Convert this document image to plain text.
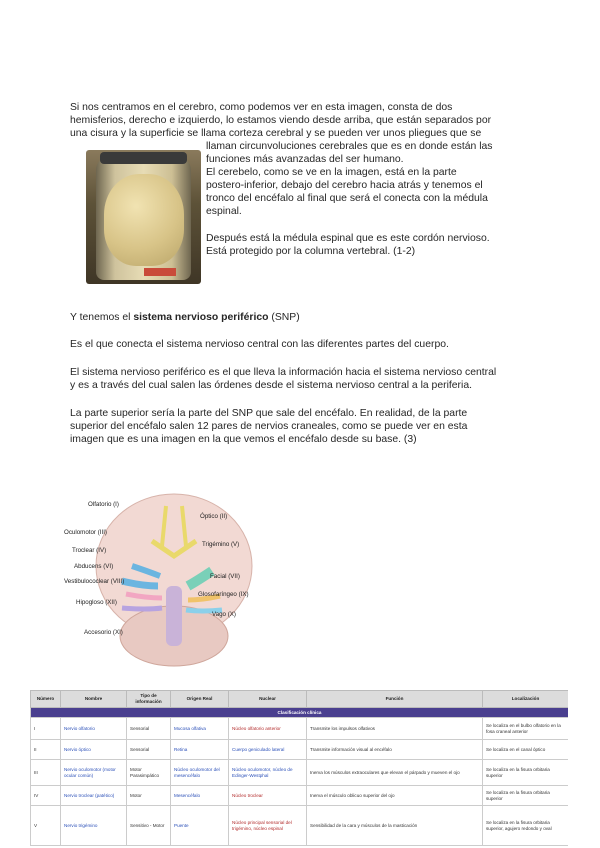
Si nos centramos en el cerebro, como podemos ver en esta imagen, consta de dos
hemisferios, derecho e izquierdo, lo estamos viendo desde arriba, que están separados por
una cisura y la superficie se llama corteza cerebral y se pueden ver unos pliegues que se
llaman circunvoluciones cerebrales que es en donde están las
funciones más avanzadas del ser humano.
El cerebelo, como se ve en la imagen, está en la parte
postero-inferior, debajo del cerebro hacia atrás y tenemos el
tronco del encéfalo al final que será el conecta con la médula
espinal.
Después está la médula espinal que es este cordón nervioso.
Está protegido por la columna vertebral. (1-2)
Y tenemos el sistema nervioso periférico (SNP)
Es el que conecta el sistema nervioso central con las diferentes partes del cuerpo.
El sistema nervioso periférico es el que lleva la información hacia el sistema nervioso central
y es a través del cual salen las órdenes desde el sistema nervioso central a la periferia.
La parte superior sería la parte del SNP que sale del encéfalo. En realidad, de la parte
superior del encéfalo salen 12 pares de nervios craneales, como se puede ver en esta
imagen que es una imagen en la que vemos el encéfalo desde su base. (3)
Olfatorio (I)
Óptico (II)
Oculomotor (III)
Troclear (IV)
Trigémino (V)
Abducens (VI)
Facial (VII)
Vestibulococlear (VIII)
Glosofaríngeo (IX)
Vago (X)
Hipogloso (XII)
Accesorio (XI)
Número	Nombre	Tipo de información	Origen Real	Nuclear	Función	Localización
Clasificación clínica						
I	Nervio olfatorio	Sensorial	Mucosa olfativa	Núcleo olfatorio anterior	Transmite los impulsos olfativos	Se localiza en el bulbo olfatorio en la fosa craneal anterior
II	Nervio óptico	Sensorial	Retina	Cuerpo geniculado lateral	Transmite información visual al encéfalo	Se localiza en el canal óptico
III	Nervio oculomotor (motor ocular común)	Motor Parasimpático	Núcleo oculomotor del mesencéfalo	Núcleo oculomotor, núcleo de Edinger-Westphal	Inerva los músculos extraoculares que elevan el párpado y mueven el ojo	Se localiza en la fisura orbitaria superior
IV	Nervio troclear (patético)	Motor	Mesencéfalo	Núcleo troclear	Inerva el músculo oblicuo superior del ojo	Se localiza en la fisura orbitaria superior
V	Nervio trigémino	Sensitivo - Motor	Puente	Núcleo principal sensorial del trigémino, núcleo espinal	Sensibilidad de la cara y músculos de la masticación	Se localiza en la fisura orbitaria superior, agujero redondo y oval
